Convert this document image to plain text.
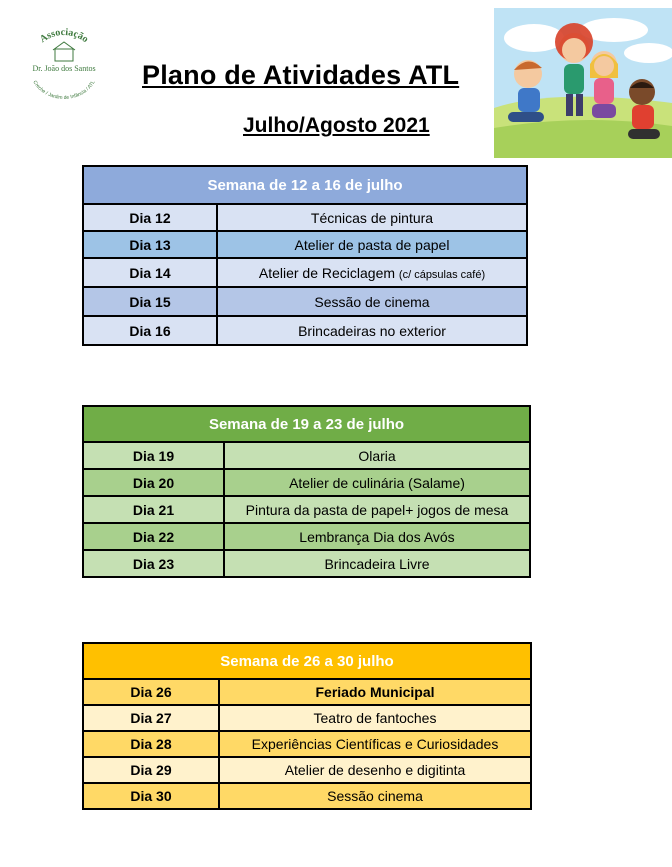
Associação
Dr. João dos Santos
Creche / Jardim de Infância / ATL Plano de Atividades ATL
Julho/Agosto 2021
Semana de 12 a 16 de julho	
Dia 12	Técnicas de pintura
Dia 13	Atelier de pasta de papel
Dia 14	Atelier de Reciclagem (c/ cápsulas café)
Dia 15	Sessão de cinema
Dia 16	Brincadeiras no exterior
Semana de 19 a 23 de julho	
Dia 19	Olaria
Dia 20	Atelier de culinária (Salame)
Dia 21	Pintura da pasta de papel+ jogos de mesa
Dia 22	Lembrança Dia dos Avós
Dia 23	Brincadeira Livre
Semana de 26 a 30 julho	
Dia 26	Feriado Municipal
Dia 27	Teatro de fantoches
Dia 28	Experiências Científicas e Curiosidades
Dia 29	Atelier de desenho e digitinta
Dia 30	Sessão cinema
